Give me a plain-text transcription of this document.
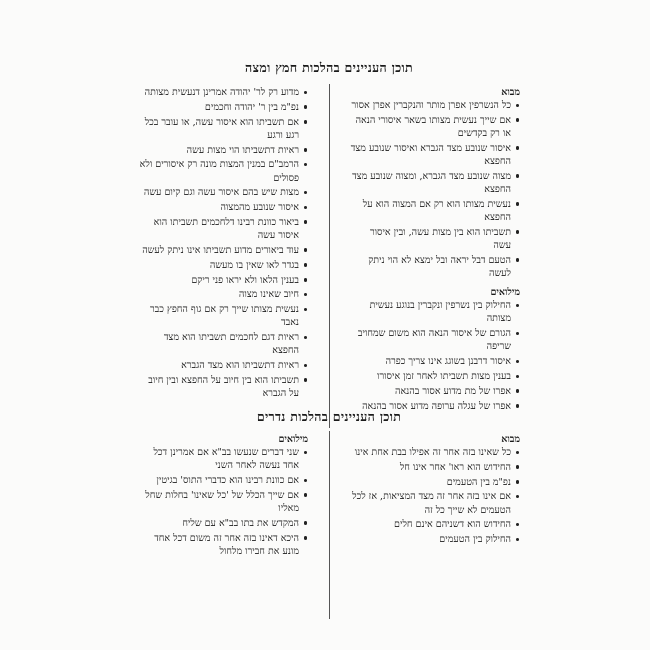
תוכן העניינים בהלכות חמץ ומצה
מבוא
כל הנשרפין אפרן מותר והנקברין אפרן אסור
אם שייך נעשית מצותו בשאר איסורי הנאה או רק בקדשים
איסור שנובע מצד הגברא ואיסור שנובע מצד החפצא
מצוה שנובע מצד הגברא, ומצוה שנובע מצד החפצא
נעשית מצותו הוא רק אם המצוה הוא על החפצא
תשביתו הוא בין מצות עשה, ובין איסור עשה
הטעם דבל יראה ובל ימצא לא הוי ניתק לעשה
מילואים
החילוק בין נשרפין ונקברין בנוגע נעשית מצותה
הגורם של איסור הנאה הוא משום שמחויב שריפה
איסור דרבנן בשוגג אינו צריך כפרה
בענין מצות תשביתו לאחר זמן איסורו
אפרו של מת מדוע אסור בהנאה
אפרו של עגלה ערופה מדוע אסור בהנאה
מדוע רק לר' יהודה אמרינן דנעשית מצותה
נפ"מ בין ר' יהודה וחכמים
אם תשביתו הוא איסור עשה, או עובר בכל רגע ורגע
ראיות דתשביתו הוי מצות עשה
הרמב"ם במנין המצות מונה רק איסורים ולא פסולים
מצות שיש בהם איסור עשה וגם קיום עשה
איסור שנובע מהמצוה
ביאור כוונת רבינו דלחכמים תשביתו הוא איסור עשה
עוד ביאורים מדוע תשביתו אינו ניתק לעשה
בגדר לאו שאין בו מעשה
בענין הלאו ולא יראו פני ריקם
חיוב שאינו מצוה
נעשית מצותו שייך רק אם גוף החפץ כבר נאבד
ראיות דגם לחכמים תשביתו הוא מצד החפצא
ראיות דתשביתו הוא מצד הגברא
תשביתו הוא בין חיוב על החפצא ובין חיוב על הגברא
תוכן העניינים בהלכות נדרים
מבוא
כל שאינו בזה אחר זה אפילו בבת אחת אינו
החידוש הוא ראו' אחר אינו חל
נפ"מ בין הטעמים
אם אינו בזה אחר זה מצד המציאות, אז לכל הטעמים לא שייך כל זה
החידוש הוא דשניהם אינם חלים
החילוק בין הטעמים
מילואים
שני דברים שנעשו בב"א אם אמרינן דכל אחד נעשה לאחר השני
אם כוונת רבינו הוא כדברי התוס' בגיטין
אם שייך הכלל של 'כל שאינו' בחלות שחל מאליו
המקדש את בתו בב"א עם שליח
היכא דאינו בזה אחר זה משום דכל אחד מונע את חבירו מלחול
